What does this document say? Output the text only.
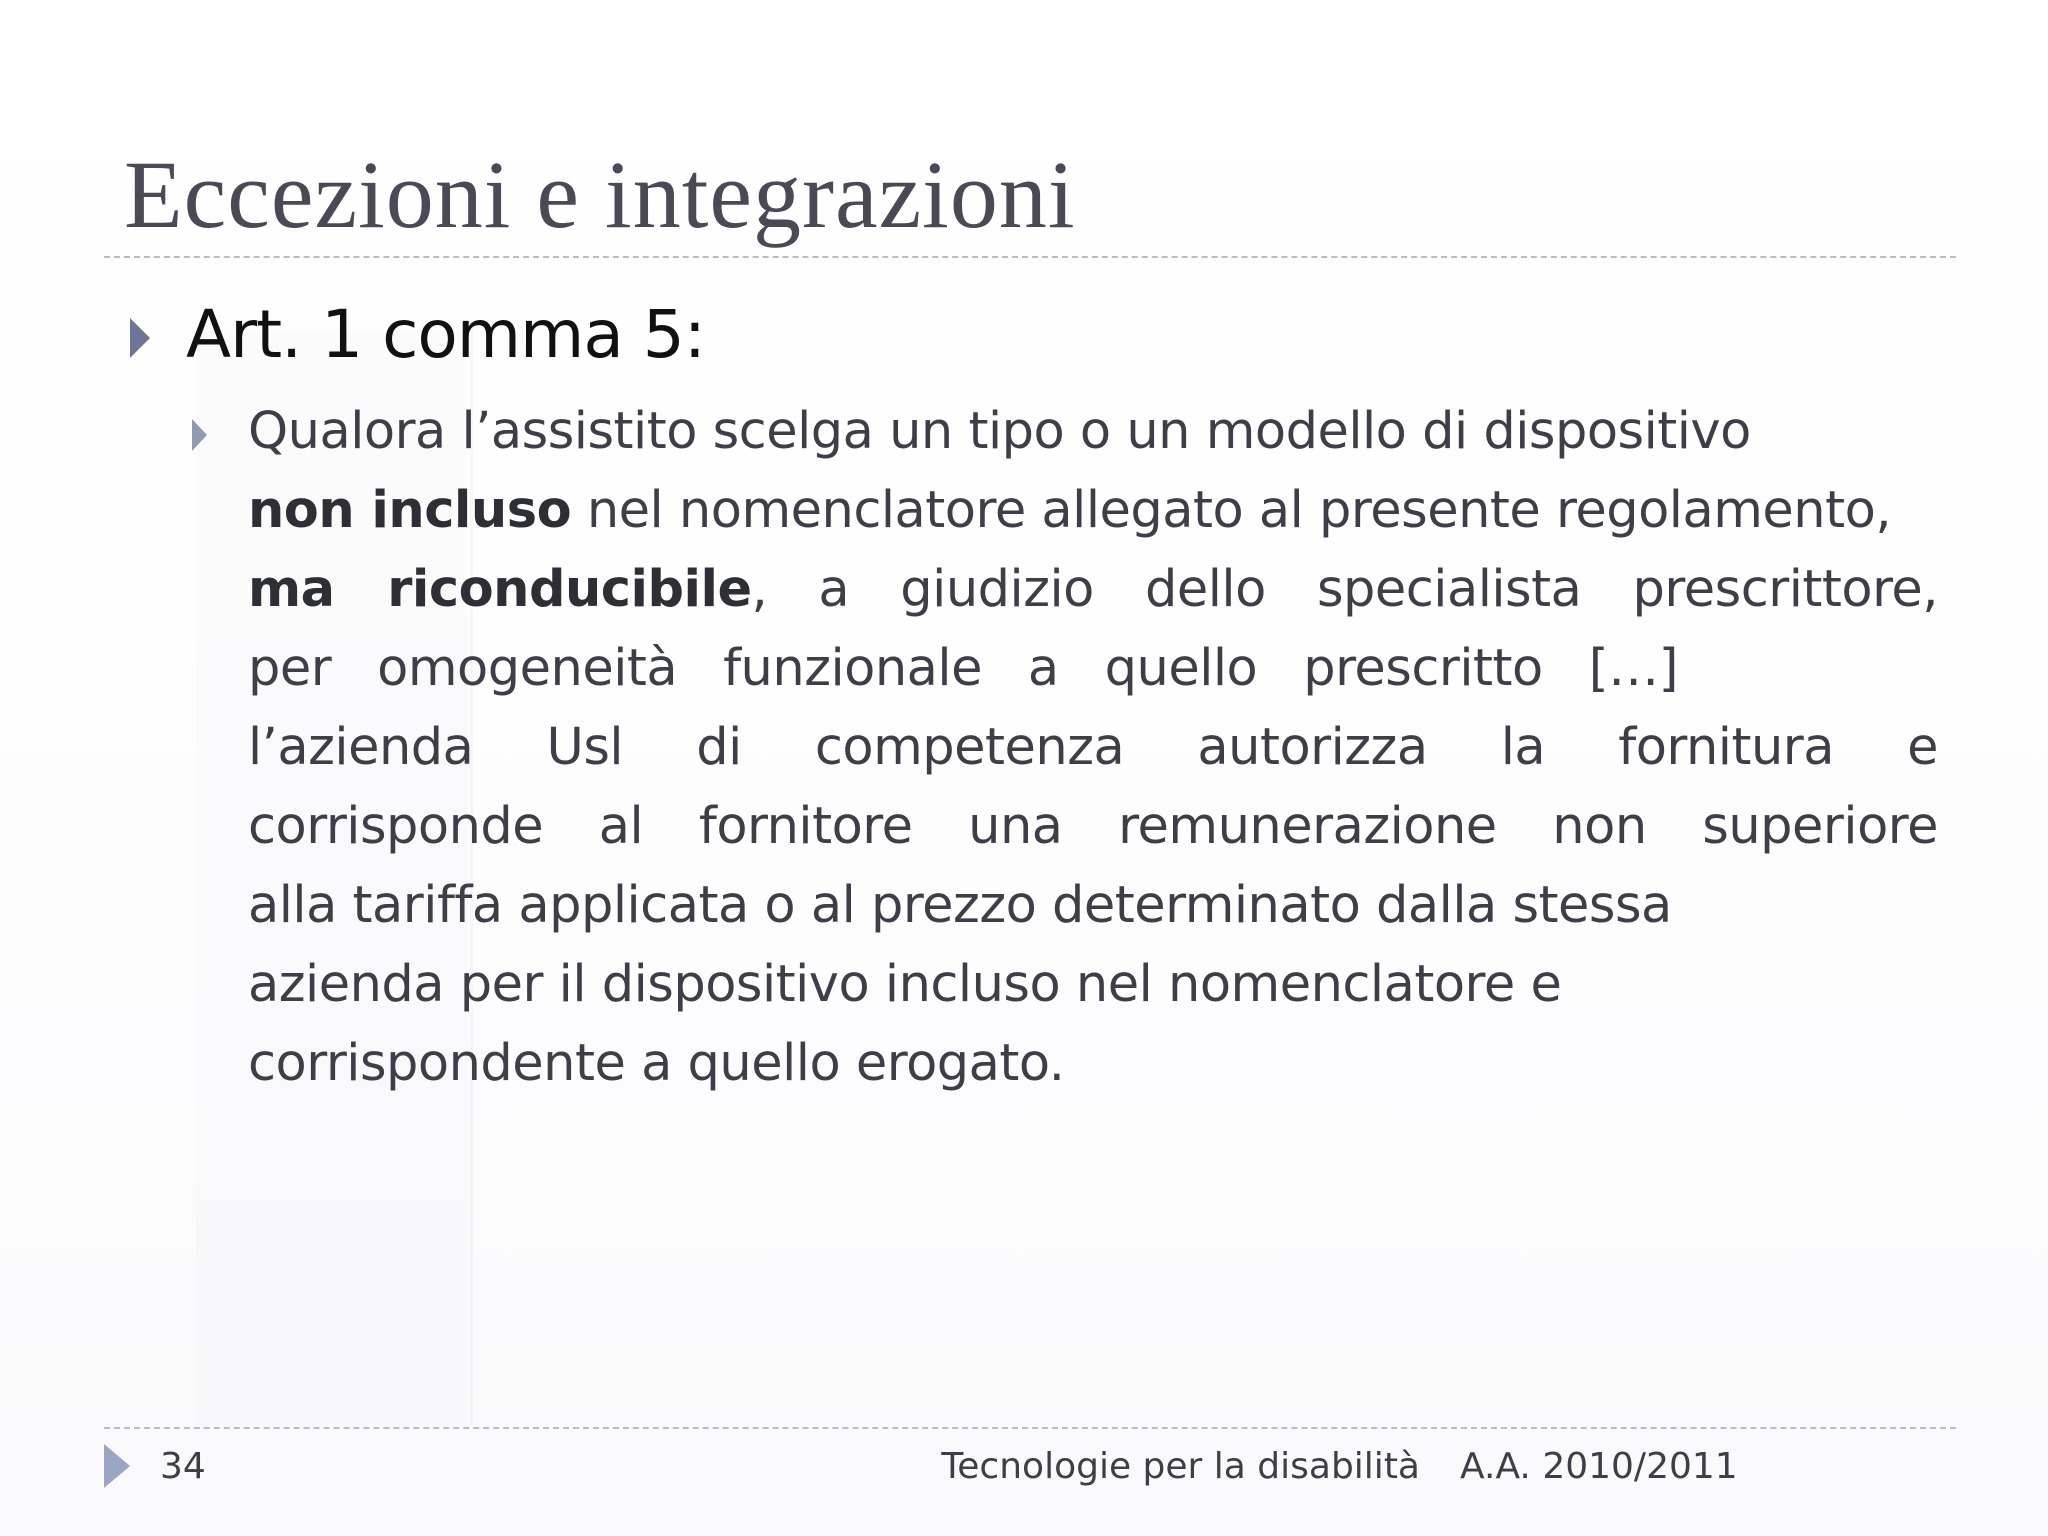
Eccezioni e integrazioni
Art. 1 comma 5:
Qualora l’assistito scelga un tipo o un modello di dispositivo
non incluso nel nomenclatore allegato al presente regolamento,
ma riconducibile, a giudizio dello specialista prescrittore,
per omogeneità funzionale a quello prescritto […]
l’azienda Usl di competenza autorizza la fornitura e
corrisponde al fornitore una remunerazione non superiore
alla tariffa applicata o al prezzo determinato dalla stessa
azienda per il dispositivo incluso nel nomenclatore e
corrispondente a quello erogato.
34	Tecnologie per la disabilità A.A. 2010/2011
